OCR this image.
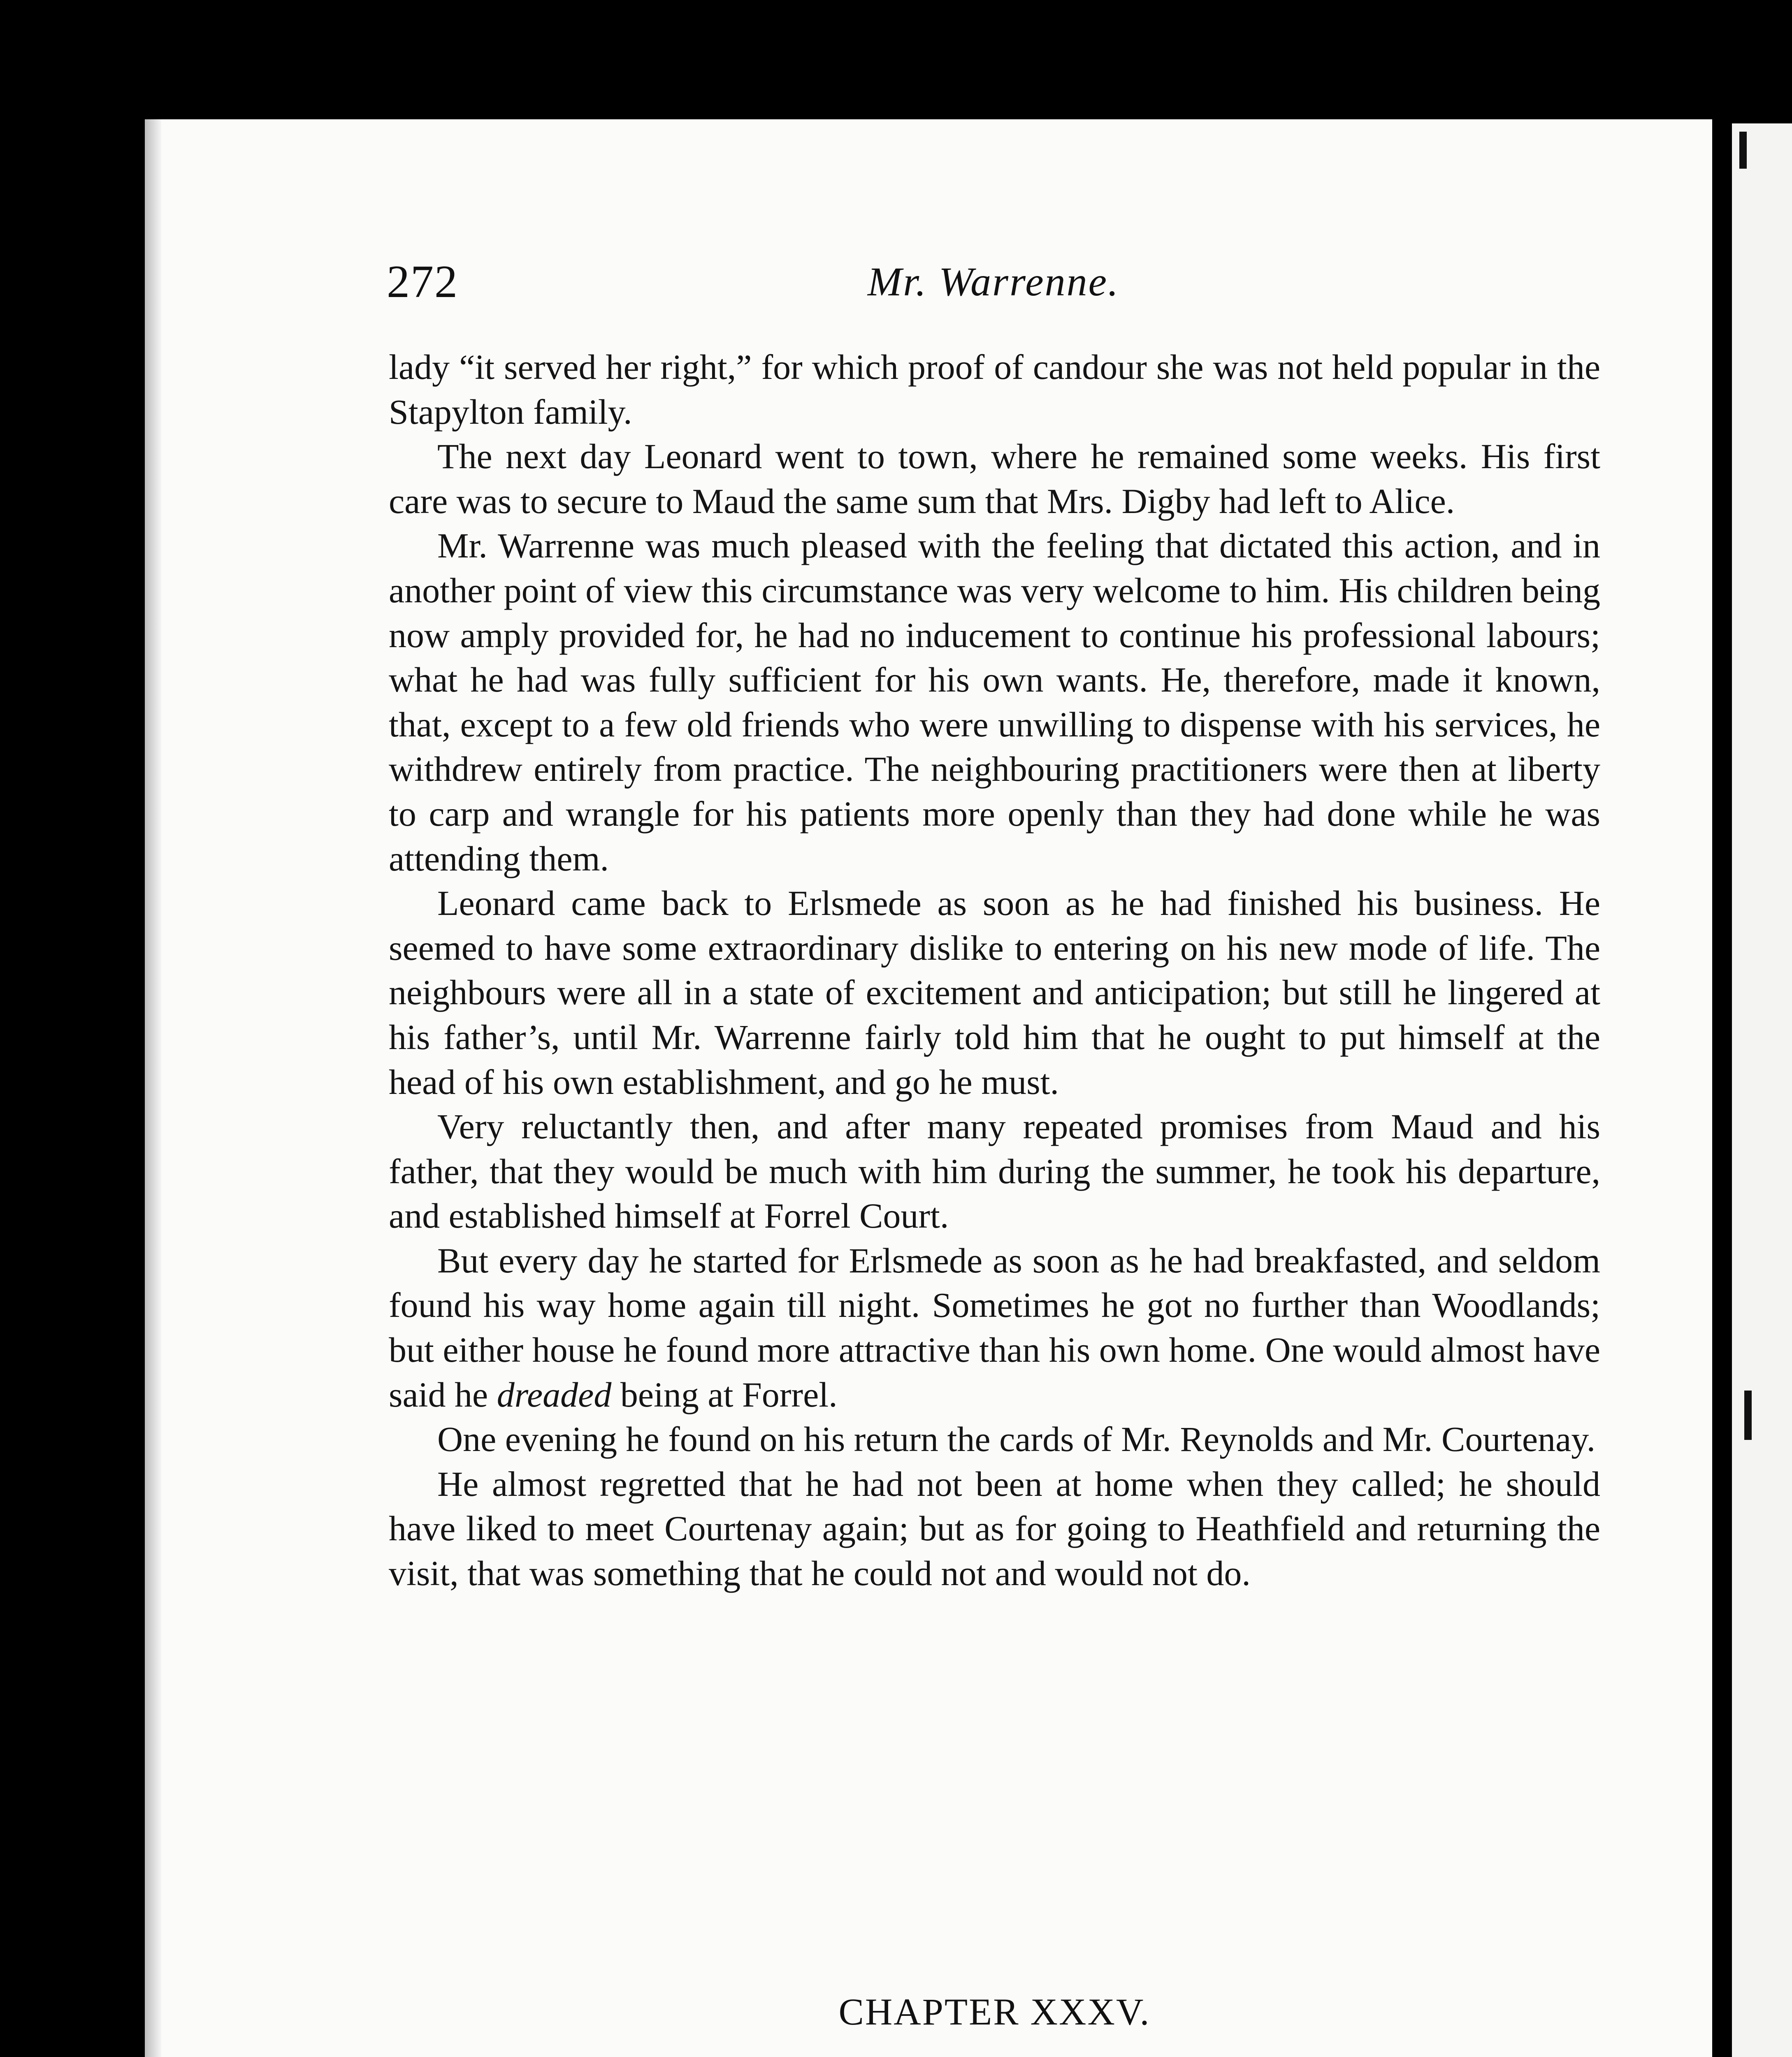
272	Mr. Warrenne.

lady “it served her right,” for which proof of candour she was not held popular in the Stapylton family.

The next day Leonard went to town, where he remained some weeks. His first care was to secure to Maud the same sum that Mrs. Digby had left to Alice.

Mr. Warrenne was much pleased with the feeling that dictated this action, and in another point of view this circumstance was very welcome to him. His children being now amply provided for, he had no inducement to continue his professional labours; what he had was fully sufficient for his own wants. He, therefore, made it known, that, except to a few old friends who were unwilling to dispense with his services, he withdrew entirely from practice. The neighbouring practitioners were then at liberty to carp and wrangle for his patients more openly than they had done while he was attending them.

Leonard came back to Erlsmede as soon as he had finished his business. He seemed to have some extraordinary dislike to entering on his new mode of life. The neighbours were all in a state of excitement and anticipation; but still he lingered at his father’s, until Mr. Warrenne fairly told him that he ought to put himself at the head of his own establishment, and go he must.

Very reluctantly then, and after many repeated promises from Maud and his father, that they would be much with him during the summer, he took his departure, and established himself at Forrel Court.

But every day he started for Erlsmede as soon as he had breakfasted, and seldom found his way home again till night. Sometimes he got no further than Woodlands; but either house he found more attractive than his own home. One would almost have said he dreaded being at Forrel.

One evening he found on his return the cards of Mr. Reynolds and Mr. Courtenay.

He almost regretted that he had not been at home when they called; he should have liked to meet Courtenay again; but as for going to Heathfield and returning the visit, that was something that he could not and would not do.

CHAPTER XXXV.
